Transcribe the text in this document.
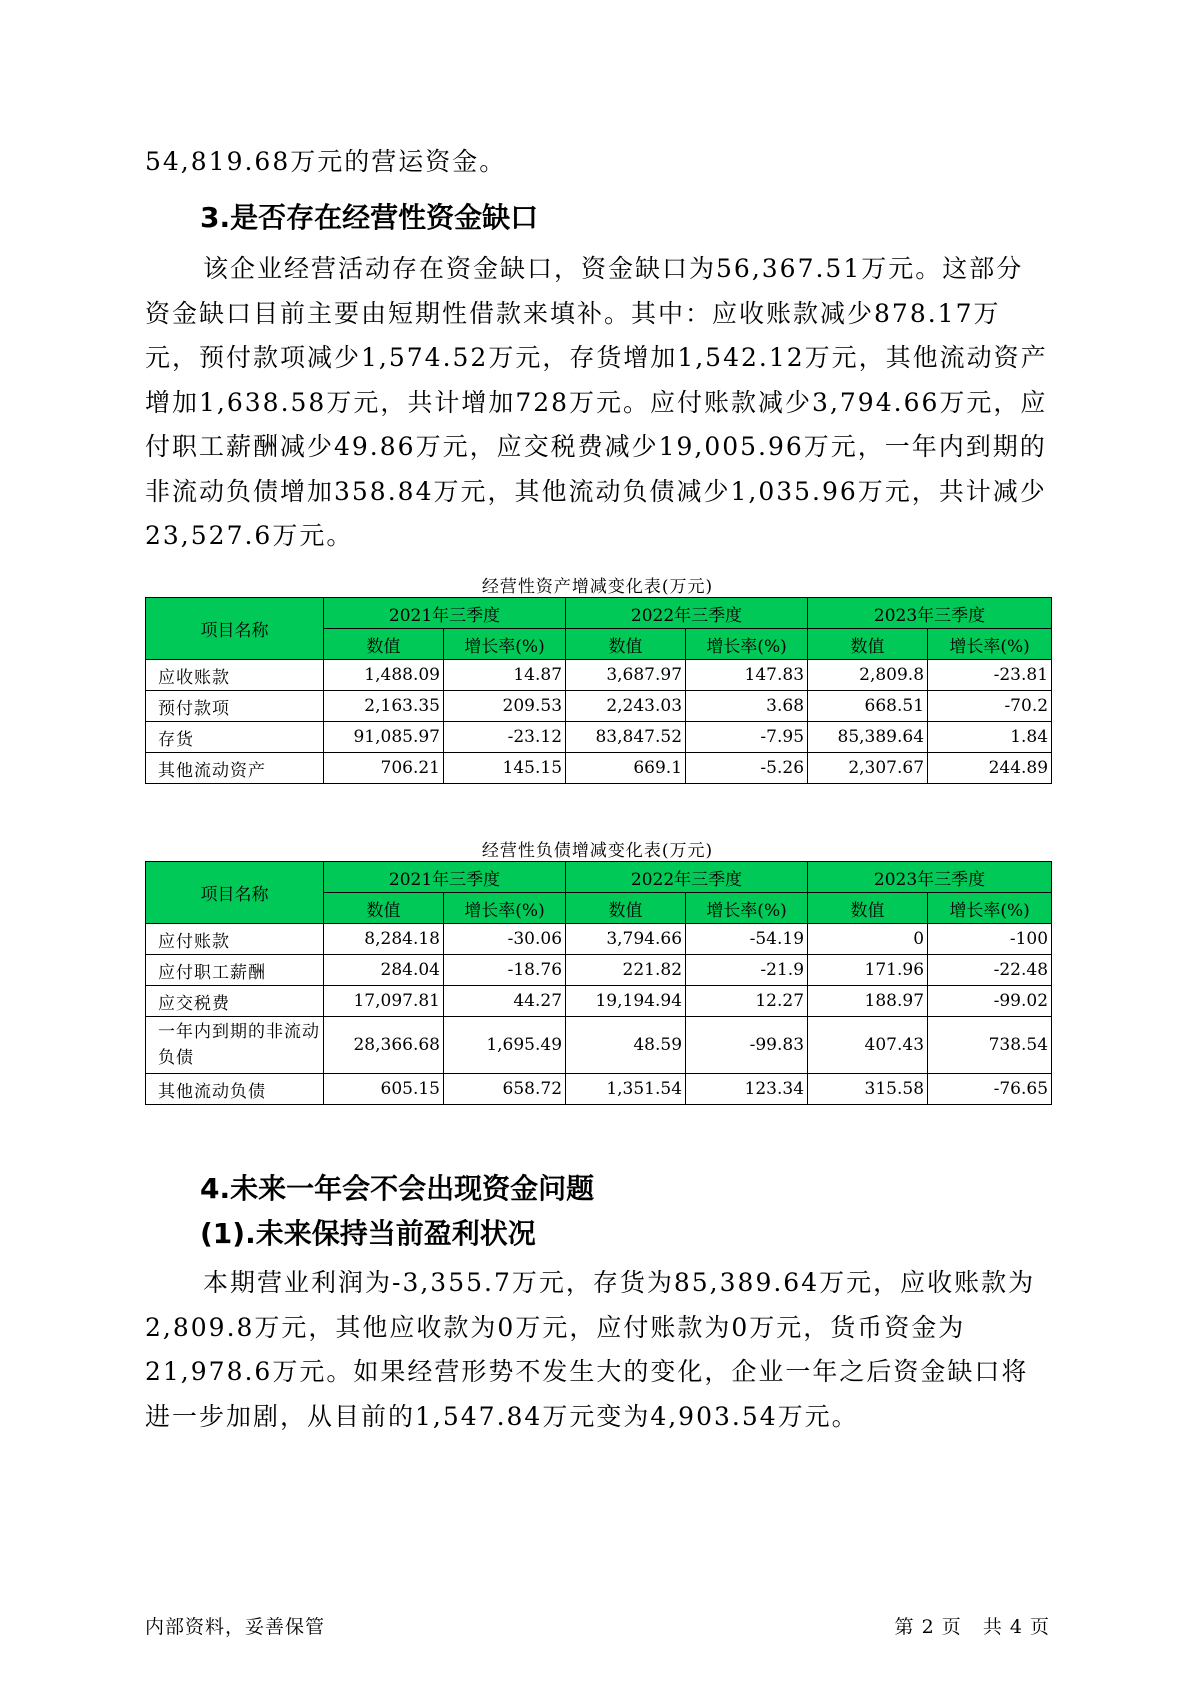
54,819.68万元的营运资金。

3.是否存在经营性资金缺口

该企业经营活动存在资金缺口，资金缺口为56,367.51万元。这部分资金缺口目前主要由短期性借款来填补。其中：应收账款减少878.17万元，预付款项减少1,574.52万元，存货增加1,542.12万元，其他流动资产增加1,638.58万元，共计增加728万元。应付账款减少3,794.66万元，应付职工薪酬减少49.86万元，应交税费减少19,005.96万元，一年内到期的非流动负债增加358.84万元，其他流动负债减少1,035.96万元，共计减少23,527.6万元。

经营性资产增减变化表(万元)
项目名称	2021年三季度		2022年三季度		2023年三季度	
	数值	增长率(%)	数值	增长率(%)	数值	增长率(%)
应收账款	1,488.09	14.87	3,687.97	147.83	2,809.8	-23.81
预付款项	2,163.35	209.53	2,243.03	3.68	668.51	-70.2
存货	91,085.97	-23.12	83,847.52	-7.95	85,389.64	1.84
其他流动资产	706.21	145.15	669.1	-5.26	2,307.67	244.89
经营性负债增减变化表(万元)
项目名称	2021年三季度		2022年三季度		2023年三季度	
	数值	增长率(%)	数值	增长率(%)	数值	增长率(%)
应付账款	8,284.18	-30.06	3,794.66	-54.19	0	-100
应付职工薪酬	284.04	-18.76	221.82	-21.9	171.96	-22.48
应交税费	17,097.81	44.27	19,194.94	12.27	188.97	-99.02
一年内到期的非流动负债	28,366.68	1,695.49	48.59	-99.83	407.43	738.54
其他流动负债	605.15	658.72	1,351.54	123.34	315.58	-76.65
4.未来一年会不会出现资金问题
(1).未来保持当前盈利状况

本期营业利润为-3,355.7万元，存货为85,389.64万元，应收账款为2,809.8万元，其他应收款为0万元，应付账款为0万元，货币资金为21,978.6万元。如果经营形势不发生大的变化，企业一年之后资金缺口将进一步加剧，从目前的1,547.84万元变为4,903.54万元。

内部资料，妥善保管	第 2 页   共 4 页
